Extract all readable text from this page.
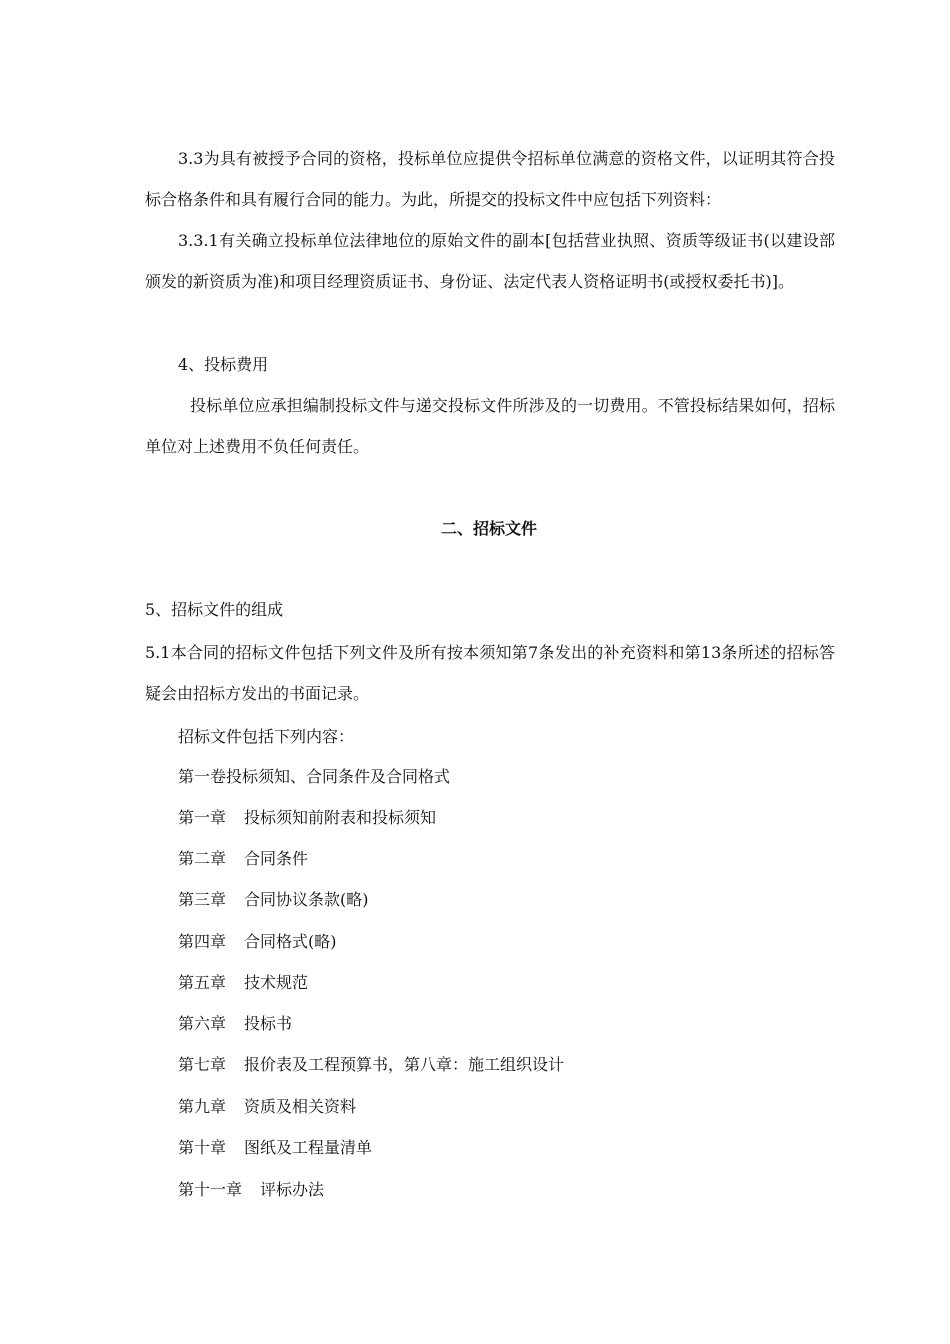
3.3为具有被授予合同的资格，投标单位应提供令招标单位满意的资格文件，以证明其符合投标合格条件和具有履行合同的能力。为此，所提交的投标文件中应包括下列资料：
3.3.1有关确立投标单位法律地位的原始文件的副本[包括营业执照、资质等级证书(以建设部颁发的新资质为准)和项目经理资质证书、身份证、法定代表人资格证明书(或授权委托书)]。
4、投标费用
投标单位应承担编制投标文件与递交投标文件所涉及的一切费用。不管投标结果如何，招标单位对上述费用不负任何责任。
二、招标文件
5、招标文件的组成
5.1本合同的招标文件包括下列文件及所有按本须知第7条发出的补充资料和第13条所述的招标答疑会由招标方发出的书面记录。
招标文件包括下列内容：
第一卷投标须知、合同条件及合同格式
第一章 投标须知前附表和投标须知
第二章 合同条件
第三章 合同协议条款(略)
第四章 合同格式(略)
第五章 技术规范
第六章 投标书
第七章 报价表及工程预算书，第八章：施工组织设计
第九章 资质及相关资料
第十章 图纸及工程量清单
第十一章 评标办法
